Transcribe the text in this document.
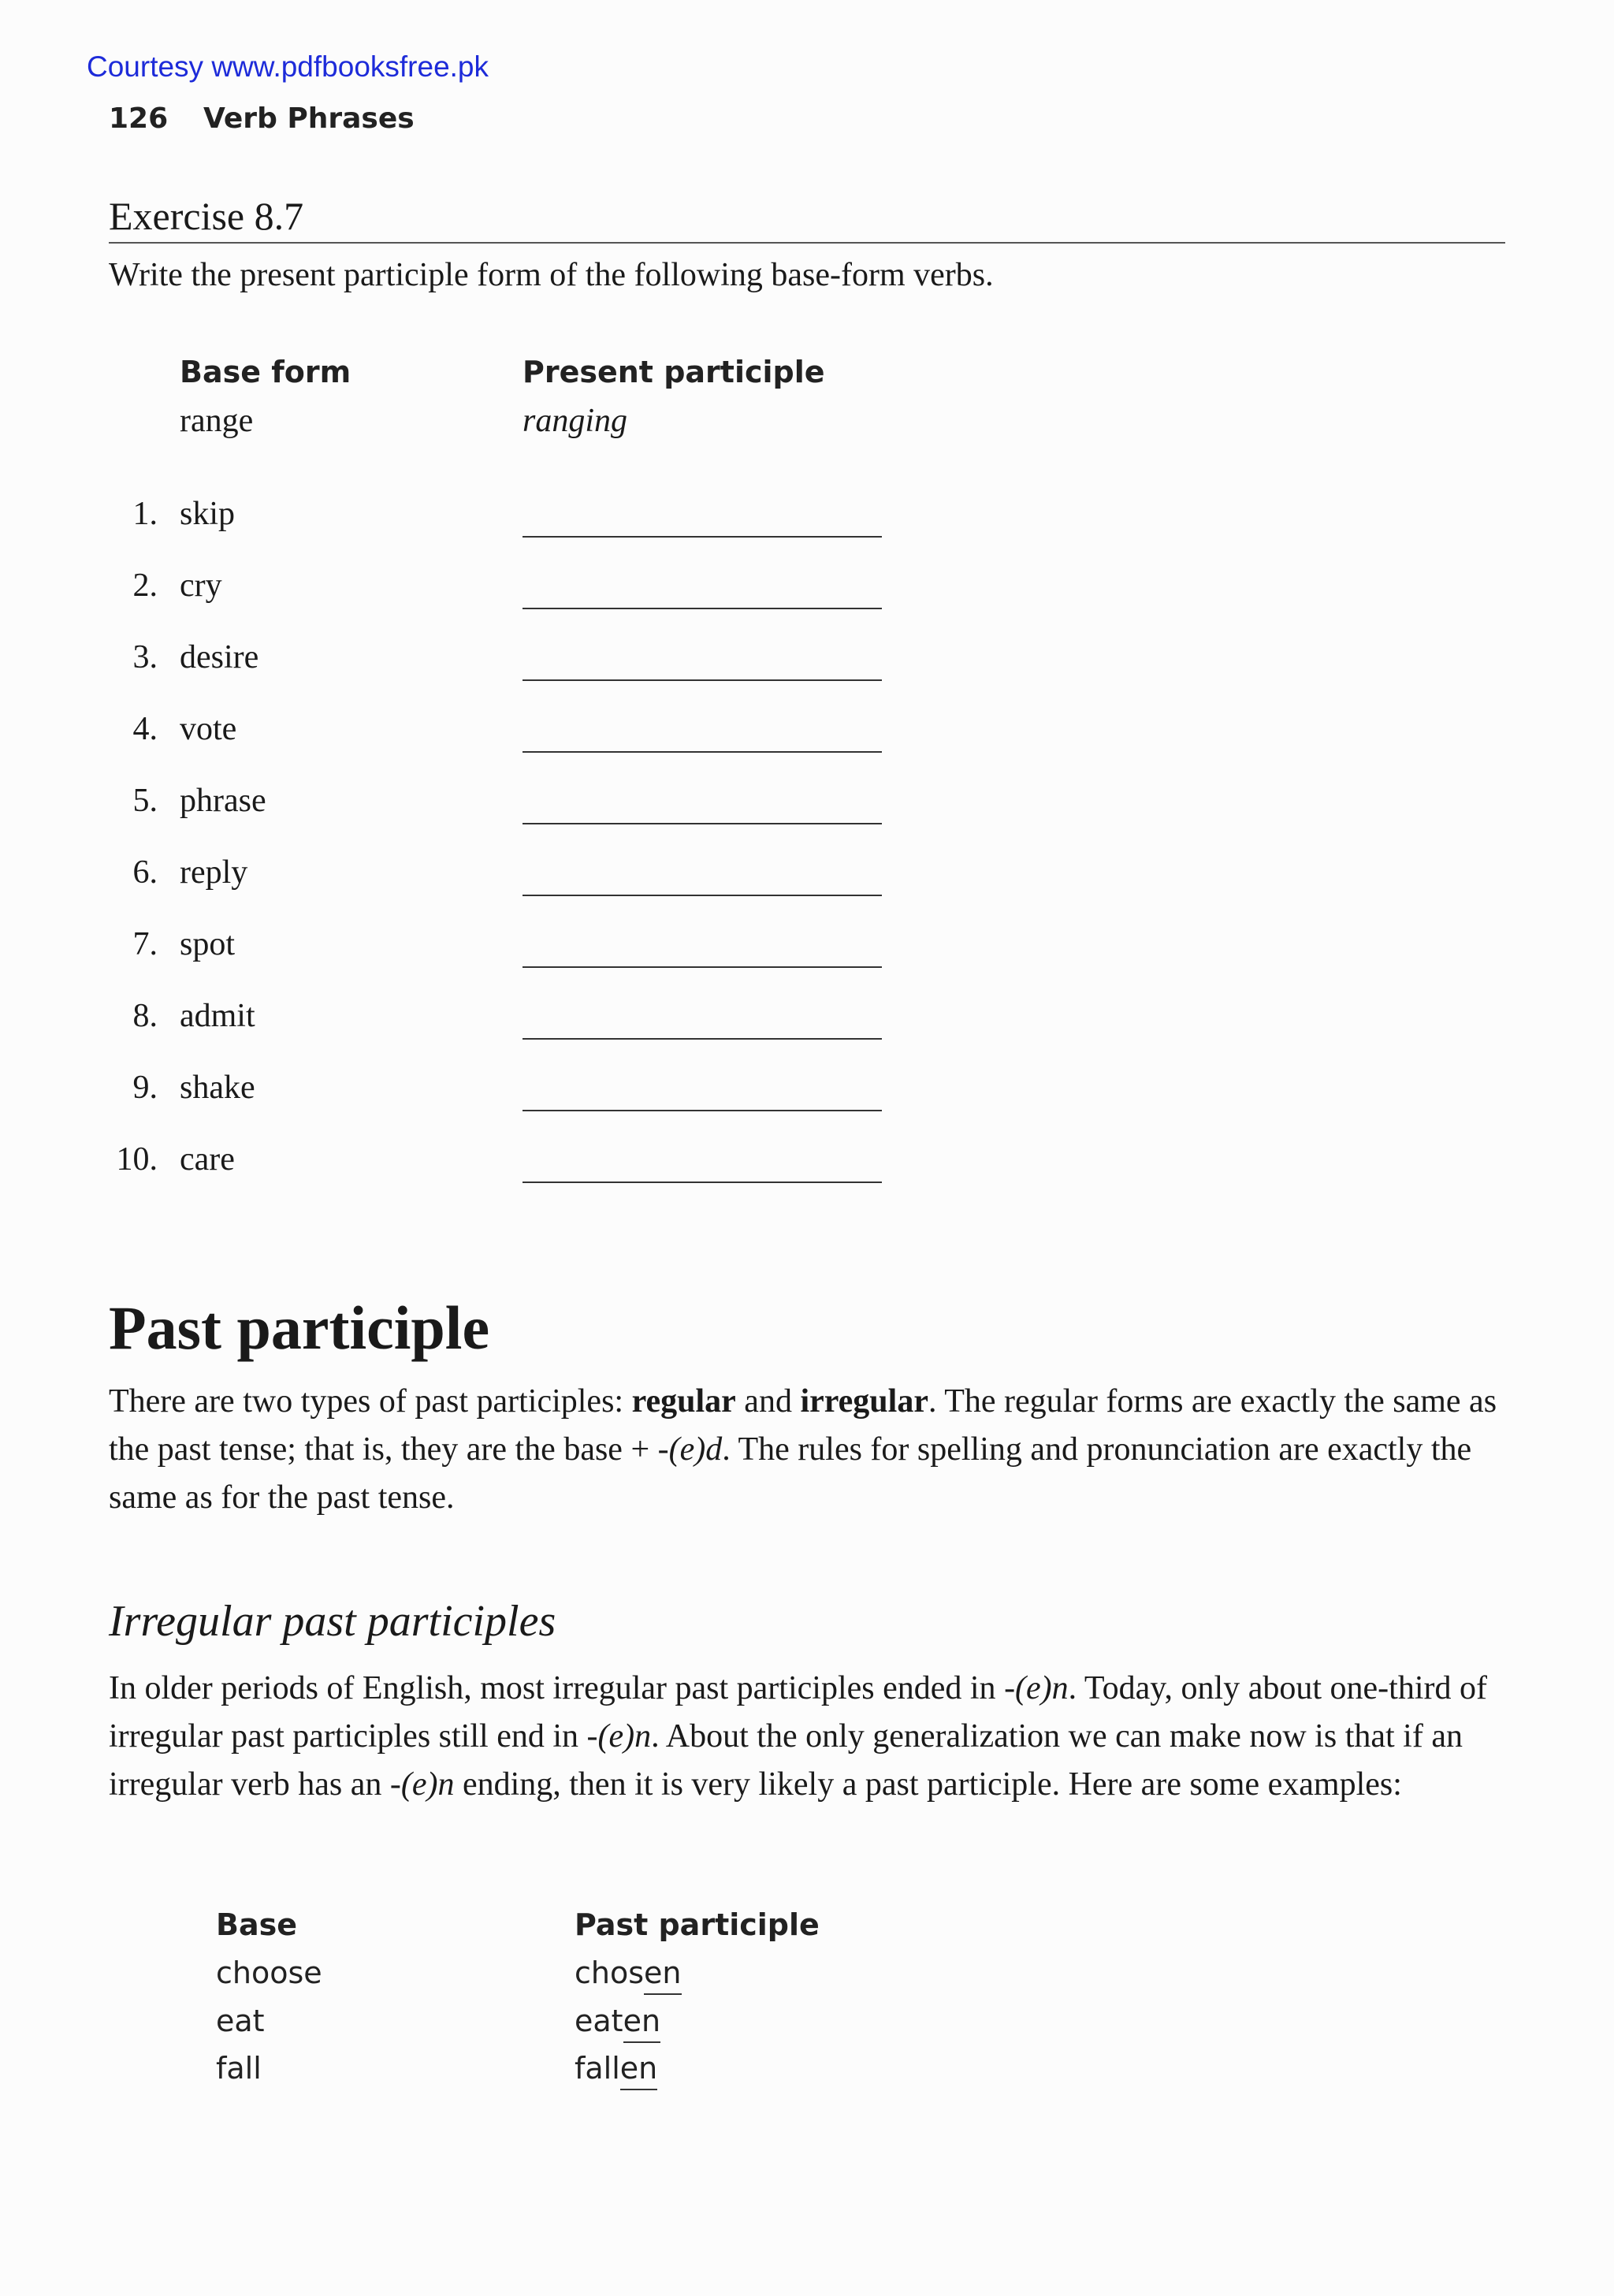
Courtesy www.pdfbooksfree.pk
126 Verb Phrases
Exercise 8.7

Write the present participle form of the following base-form verbs.

Base form	Present participle
range	ranging
1. skip
2. cry
3. desire
4. vote
5. phrase
6. reply
7. spot
8. admit
9. shake
10. care
Past participle

There are two types of past participles: regular and irregular. The regular forms are exactly the same as the past tense; that is, they are the base + -(e)d. The rules for spelling and pronunciation are exactly the same as for the past tense.

Irregular past participles

In older periods of English, most irregular past participles ended in -(e)n. Today, only about one-third of irregular past participles still end in -(e)n. About the only generalization we can make now is that if an irregular verb has an -(e)n ending, then it is very likely a past participle. Here are some examples:

Base	Past participle
choose	chosen
eat	eaten
fall	fallen
